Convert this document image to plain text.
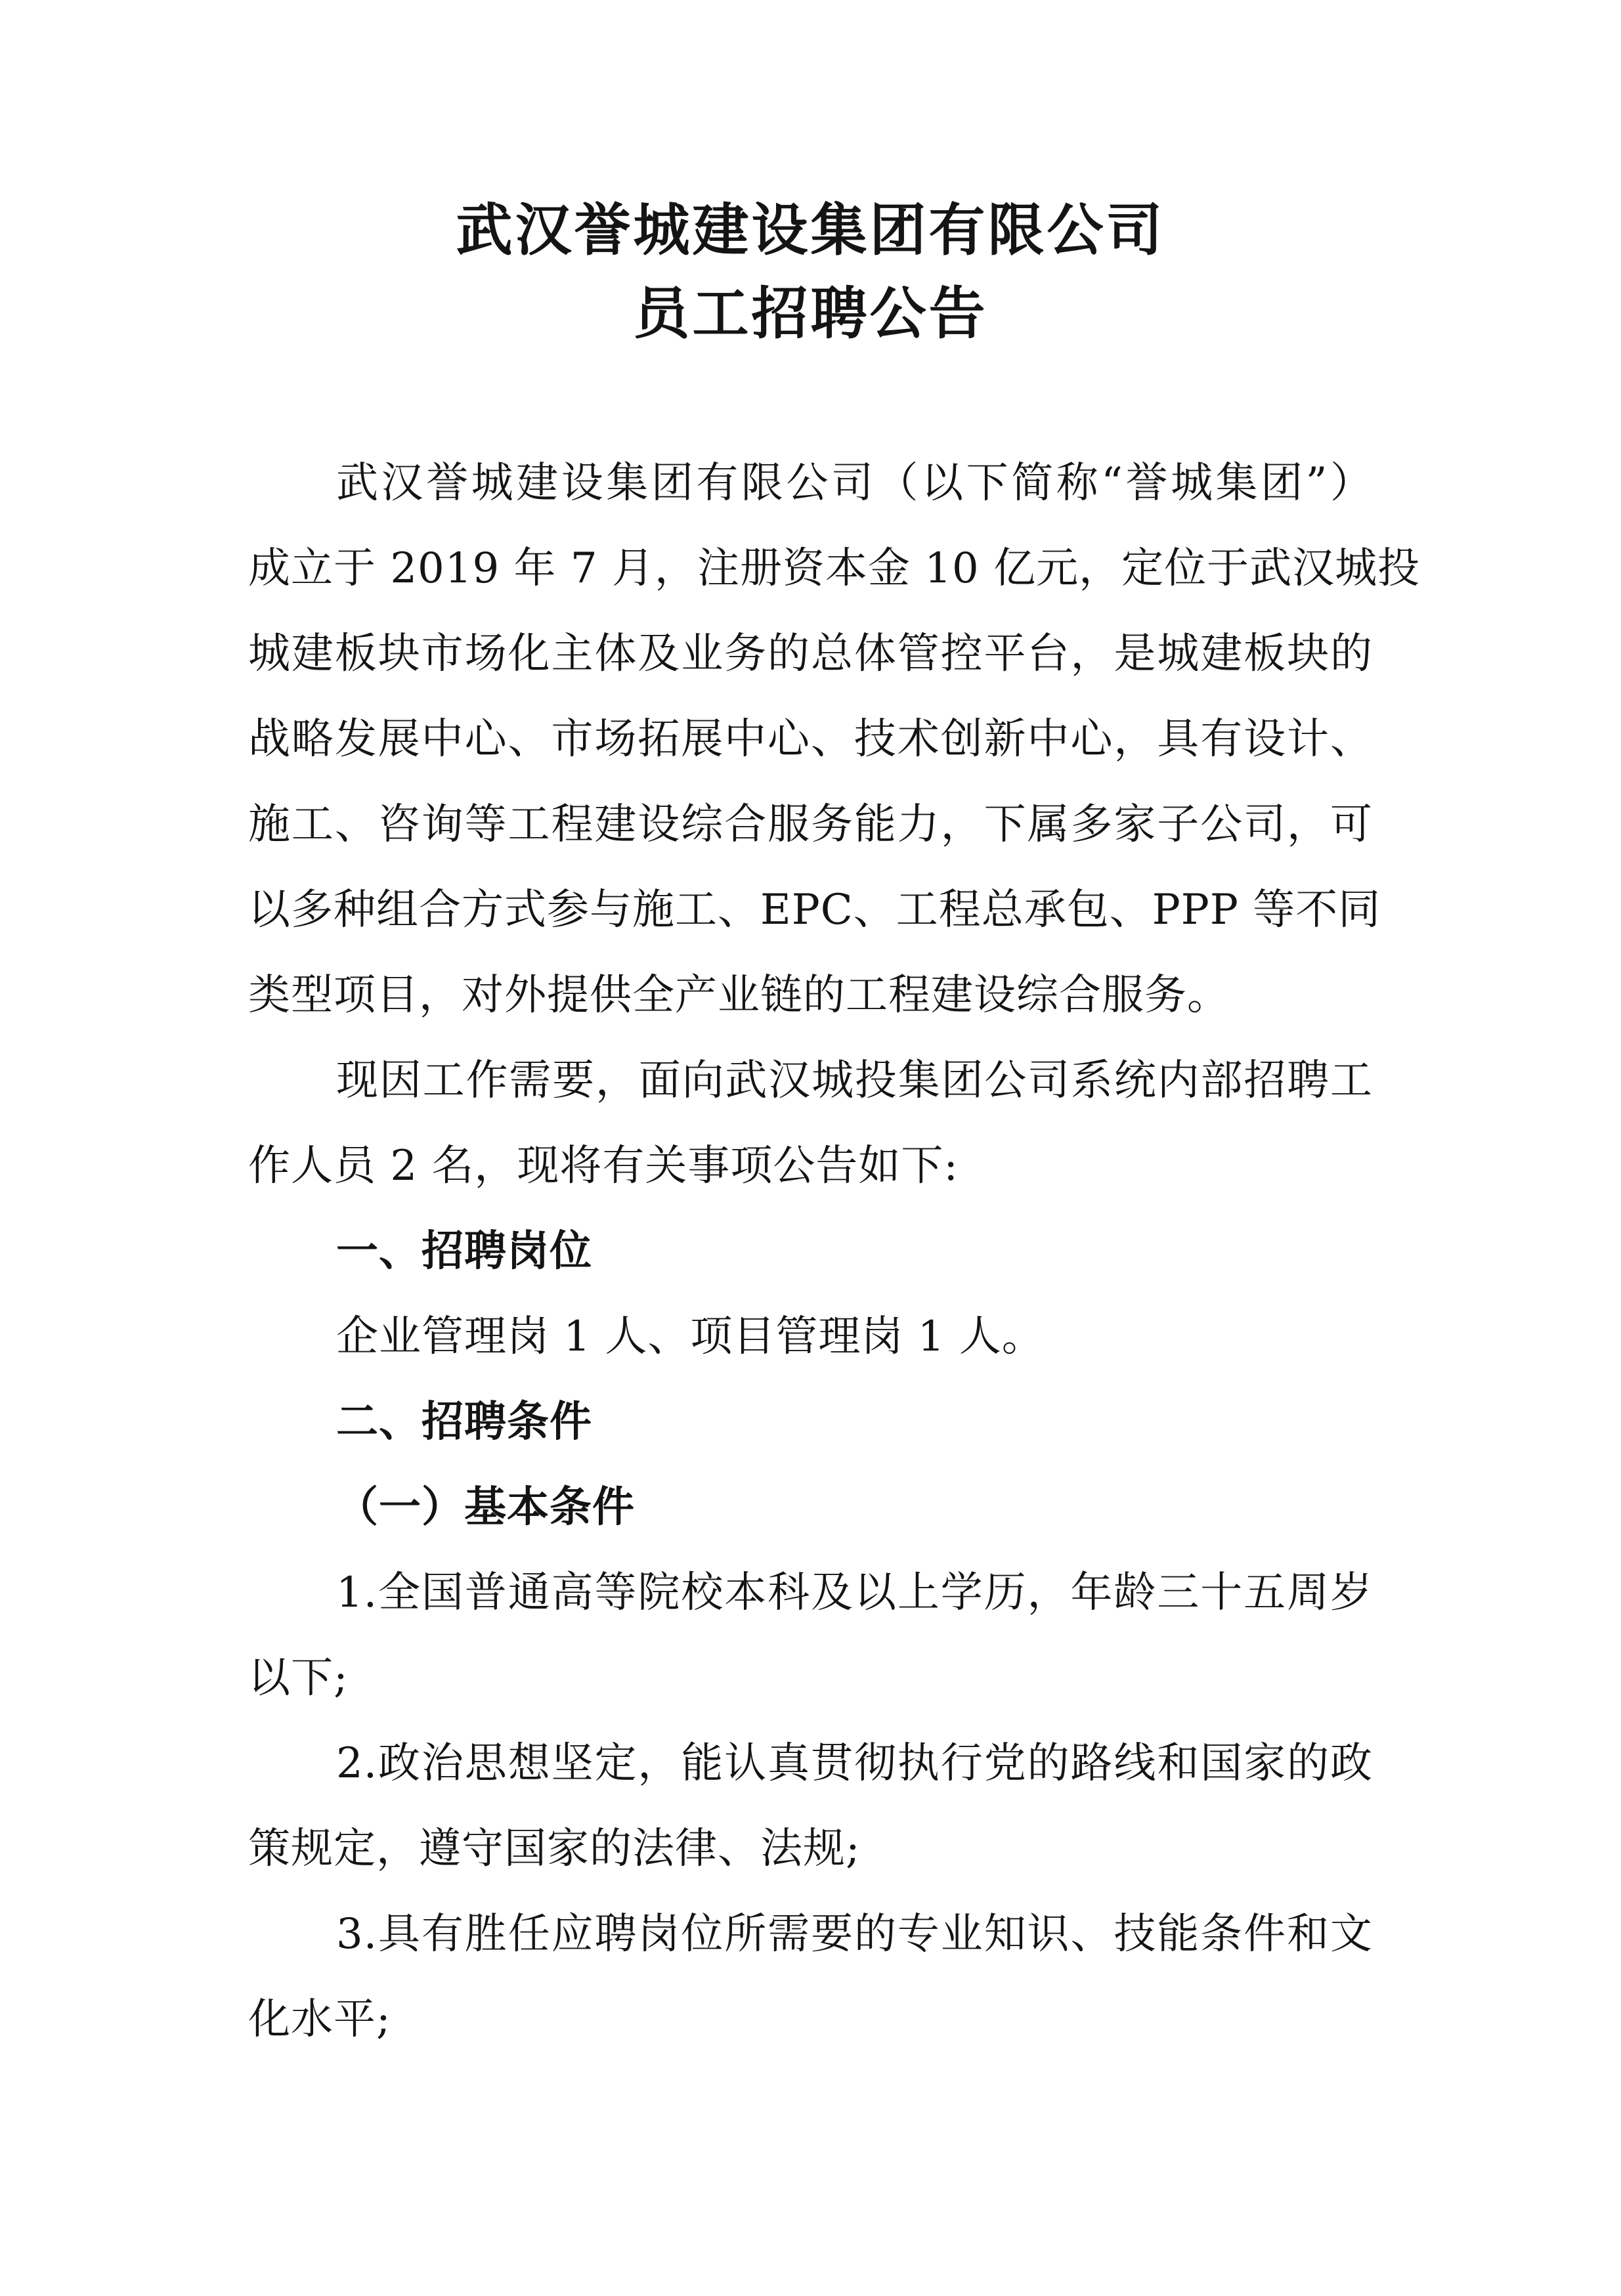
武汉誉城建设集团有限公司
员工招聘公告
武汉誉城建设集团有限公司（以下简称“誉城集团”）
成立于 2019 年 7 月，注册资本金 10 亿元，定位于武汉城投
城建板块市场化主体及业务的总体管控平台，是城建板块的
战略发展中心、市场拓展中心、技术创新中心，具有设计、
施工、咨询等工程建设综合服务能力，下属多家子公司，可
以多种组合方式参与施工、EPC、工程总承包、PPP 等不同
类型项目，对外提供全产业链的工程建设综合服务。
现因工作需要，面向武汉城投集团公司系统内部招聘工
作人员 2 名，现将有关事项公告如下:
一、招聘岗位
企业管理岗 1 人、项目管理岗 1 人。
二、招聘条件
（一）基本条件
1.全国普通高等院校本科及以上学历，年龄三十五周岁
以下;
2.政治思想坚定，能认真贯彻执行党的路线和国家的政
策规定，遵守国家的法律、法规;
3.具有胜任应聘岗位所需要的专业知识、技能条件和文
化水平;
